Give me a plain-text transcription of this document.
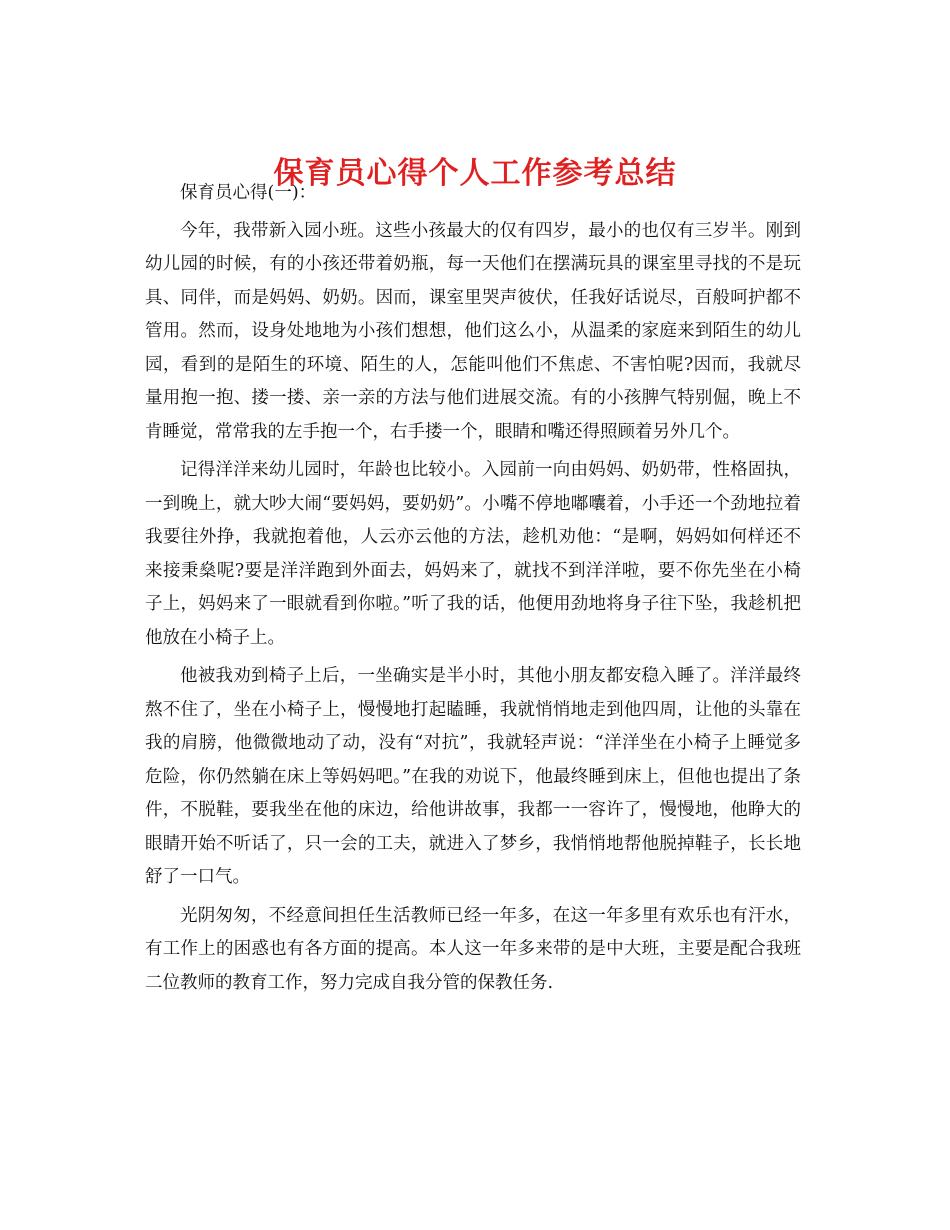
保育员心得个人工作参考总结

保育员心得(一)：

今年，我带新入园小班。这些小孩最大的仅有四岁，最小的也仅有三岁半。刚到幼儿园的时候，有的小孩还带着奶瓶，每一天他们在摆满玩具的课室里寻找的不是玩具、同伴，而是妈妈、奶奶。因而，课室里哭声彼伏，任我好话说尽，百般呵护都不管用。然而，设身处地地为小孩们想想，他们这么小，从温柔的家庭来到陌生的幼儿园，看到的是陌生的环境、陌生的人，怎能叫他们不焦虑、不害怕呢?因而，我就尽量用抱一抱、搂一搂、亲一亲的方法与他们进展交流。有的小孩脾气特别倔，晚上不肯睡觉，常常我的左手抱一个，右手搂一个，眼睛和嘴还得照顾着另外几个。

记得洋洋来幼儿园时，年龄也比较小。入园前一向由妈妈、奶奶带，性格固执，一到晚上，就大吵大闹“要妈妈，要奶奶”。小嘴不停地嘟囔着，小手还一个劲地拉着我要往外挣，我就抱着他，人云亦云他的方法，趁机劝他：“是啊，妈妈如何样还不来接秉燊呢?要是洋洋跑到外面去，妈妈来了，就找不到洋洋啦，要不你先坐在小椅子上，妈妈来了一眼就看到你啦。”听了我的话，他便用劲地将身子往下坠，我趁机把他放在小椅子上。

他被我劝到椅子上后，一坐确实是半小时，其他小朋友都安稳入睡了。洋洋最终熬不住了，坐在小椅子上，慢慢地打起瞌睡，我就悄悄地走到他四周，让他的头靠在我的肩膀，他微微地动了动，没有“对抗”，我就轻声说：“洋洋坐在小椅子上睡觉多危险，你仍然躺在床上等妈妈吧。”在我的劝说下，他最终睡到床上，但他也提出了条件，不脱鞋，要我坐在他的床边，给他讲故事，我都一一容许了，慢慢地，他睁大的眼睛开始不听话了，只一会的工夫，就进入了梦乡，我悄悄地帮他脱掉鞋子，长长地舒了一口气。

光阴匆匆，不经意间担任生活教师已经一年多，在这一年多里有欢乐也有汗水，有工作上的困惑也有各方面的提高。本人这一年多来带的是中大班，主要是配合我班二位教师的教育工作，努力完成自我分管的保教任务.
